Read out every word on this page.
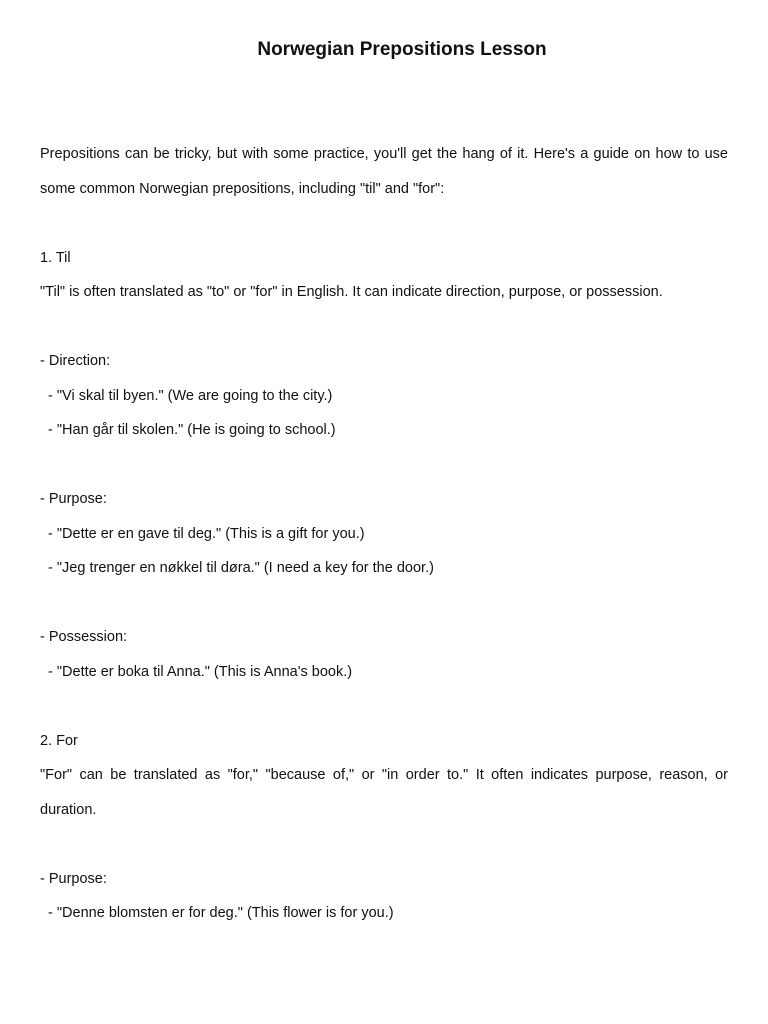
Norwegian Prepositions Lesson

Prepositions can be tricky, but with some practice, you'll get the hang of it. Here's a guide on how to use some common Norwegian prepositions, including "til" and "for":

1. Til

"Til" is often translated as "to" or "for" in English. It can indicate direction, purpose, or possession.

- Direction:

- "Vi skal til byen." (We are going to the city.)

- "Han går til skolen." (He is going to school.)

- Purpose:

- "Dette er en gave til deg." (This is a gift for you.)

- "Jeg trenger en nøkkel til døra." (I need a key for the door.)

- Possession:

- "Dette er boka til Anna." (This is Anna's book.)

2. For

"For" can be translated as "for," "because of," or "in order to." It often indicates purpose, reason, or duration.

- Purpose:

- "Denne blomsten er for deg." (This flower is for you.)
